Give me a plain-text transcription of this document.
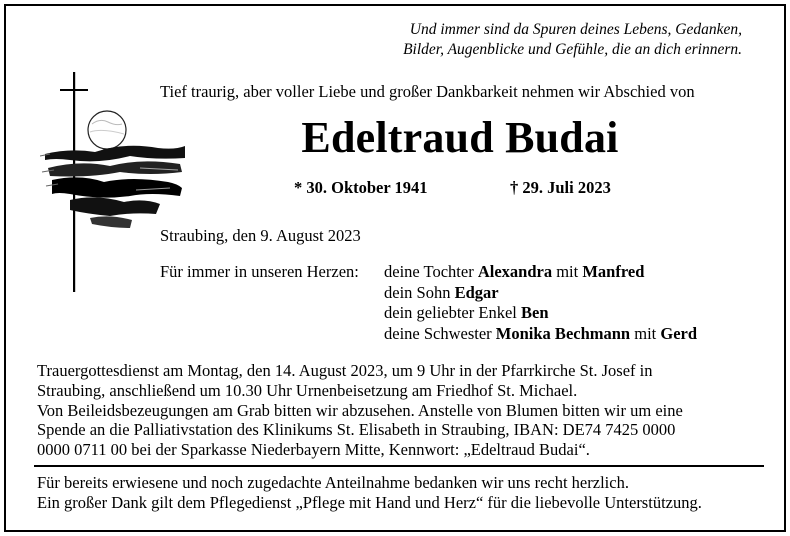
Und immer sind da Spuren deines Lebens, Gedanken,
Bilder, Augenblicke und Gefühle, die an dich erinnern.
Tief traurig, aber voller Liebe und großer Dankbarkeit nehmen wir Abschied von
Edeltraud Budai
* 30. Oktober 1941	† 29. Juli 2023
Straubing, den 9. August 2023
Für immer in unseren Herzen: deine Tochter Alexandra mit Manfred
dein Sohn Edgar
dein geliebter Enkel Ben
deine Schwester Monika Bechmann mit Gerd
Trauergottesdienst am Montag, den 14. August 2023, um 9 Uhr in der Pfarrkirche St. Josef in
Straubing, anschließend um 10.30 Uhr Urnenbeisetzung am Friedhof St. Michael.
Von Beileidsbezeugungen am Grab bitten wir abzusehen. Anstelle von Blumen bitten wir um eine
Spende an die Palliativstation des Klinikums St. Elisabeth in Straubing, IBAN: DE74 7425 0000
0000 0711 00 bei der Sparkasse Niederbayern Mitte, Kennwort: „Edeltraud Budai“.
Für bereits erwiesene und noch zugedachte Anteilnahme bedanken wir uns recht herzlich.
Ein großer Dank gilt dem Pflegedienst „Pflege mit Hand und Herz“ für die liebevolle Unterstützung.
